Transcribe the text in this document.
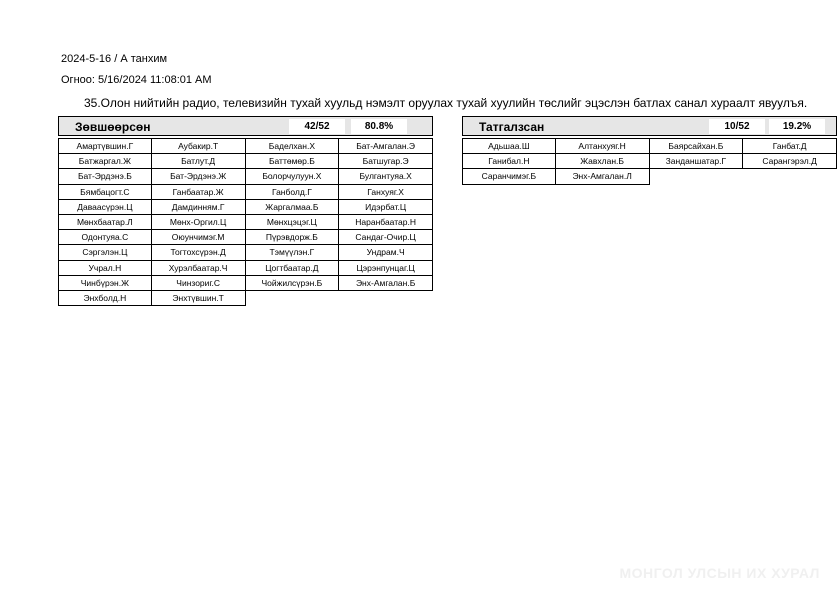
2024-5-16 / А танхим
Огноо: 5/16/2024 11:08:01 AM
35.Олон нийтийн радио, телевизийн тухай хуульд нэмэлт оруулах тухай хуулийн төслийг эцэслэн батлах санал хураалт явуулъя.
Зөвшөөрсөн	42/52	80.8%
Амартүвшин.Г	Аубакир.Т	Баделхан.Х	Бат-Амгалан.Э
Батжаргал.Ж	Батлут.Д	Баттөмөр.Б	Батшугар.Э
Бат-Эрдэнэ.Б	Бат-Эрдэнэ.Ж	Болорчулуун.Х	Булгантуяа.Х
Бямбацогт.С	Ганбаатар.Ж	Ганболд.Г	Ганхуяг.Х
Даваасүрэн.Ц	Дамдинням.Г	Жаргалмаа.Б	Идэрбат.Ц
Мөнхбаатар.Л	Мөнх-Оргил.Ц	Мөнхцэцэг.Ц	Наранбаатар.Н
Одонтуяа.С	Оюунчимэг.М	Пүрэвдорж.Б	Сандаг-Очир.Ц
Сэргэлэн.Ц	Тогтохсүрэн.Д	Тэмүүлэн.Г	Ундрам.Ч
Учрал.Н	Хурэлбаатар.Ч	Цогтбаатар.Д	Цэрэнпунцаг.Ц
Чинбүрэн.Ж	Чинзориг.С	Чойжилсүрэн.Б	Энх-Амгалан.Б
Энхболд.Н	Энхтүвшин.Т
Татгалзсан	10/52	19.2%
Адьшаа.Ш	Алтанхуяг.Н	Баярсайхан.Б	Ганбат.Д
Ганибал.Н	Жавхлан.Б	Занданшатар.Г	Сарангэрэл.Д
Саранчимэг.Б	Энх-Амгалан.Л
МОНГОЛ УЛСЫН ИХ ХУРАЛ
